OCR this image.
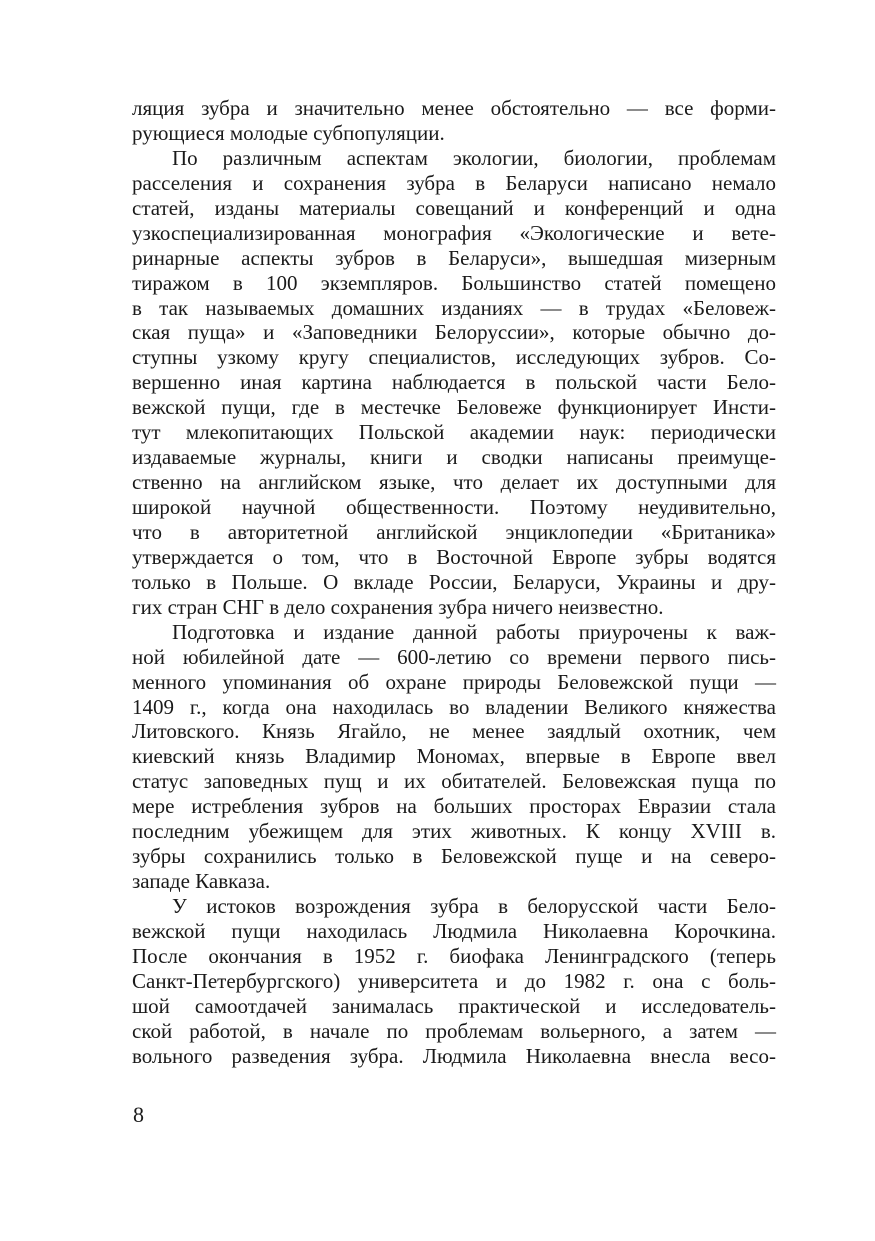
ляция зубра и значительно менее обстоятельно — все форми-
рующиеся молодые субпопуляции.
По различным аспектам экологии, биологии, проблемам
расселения и сохранения зубра в Беларуси написано немало
статей, изданы материалы совещаний и конференций и одна
узкоспециализированная монография «Экологические и вете-
ринарные аспекты зубров в Беларуси», вышедшая мизерным
тиражом в 100 экземпляров. Большинство статей помещено
в так называемых домашних изданиях — в трудах «Беловеж-
ская пуща» и «Заповедники Белоруссии», которые обычно до-
ступны узкому кругу специалистов, исследующих зубров. Со-
вершенно иная картина наблюдается в польской части Бело-
вежской пущи, где в местечке Беловеже функционирует Инсти-
тут млекопитающих Польской академии наук: периодически
издаваемые журналы, книги и сводки написаны преимуще-
ственно на английском языке, что делает их доступными для
широкой научной общественности. Поэтому неудивительно,
что в авторитетной английской энциклопедии «Британика»
утверждается о том, что в Восточной Европе зубры водятся
только в Польше. О вкладе России, Беларуси, Украины и дру-
гих стран СНГ в дело сохранения зубра ничего неизвестно.
Подготовка и издание данной работы приурочены к важ-
ной юбилейной дате — 600-летию со времени первого пись-
менного упоминания об охране природы Беловежской пущи —
1409 г., когда она находилась во владении Великого княжества
Литовского. Князь Ягайло, не менее заядлый охотник, чем
киевский князь Владимир Мономах, впервые в Европе ввел
статус заповедных пущ и их обитателей. Беловежская пуща по
мере истребления зубров на больших просторах Евразии стала
последним убежищем для этих животных. К концу XVIII в.
зубры сохранились только в Беловежской пуще и на северо-
западе Кавказа.
У истоков возрождения зубра в белорусской части Бело-
вежской пущи находилась Людмила Николаевна Корочкина.
После окончания в 1952 г. биофака Ленинградского (теперь
Санкт-Петербургского) университета и до 1982 г. она с боль-
шой самоотдачей занималась практической и исследователь-
ской работой, в начале по проблемам вольерного, а затем —
вольного разведения зубра. Людмила Николаевна внесла весо-
8
